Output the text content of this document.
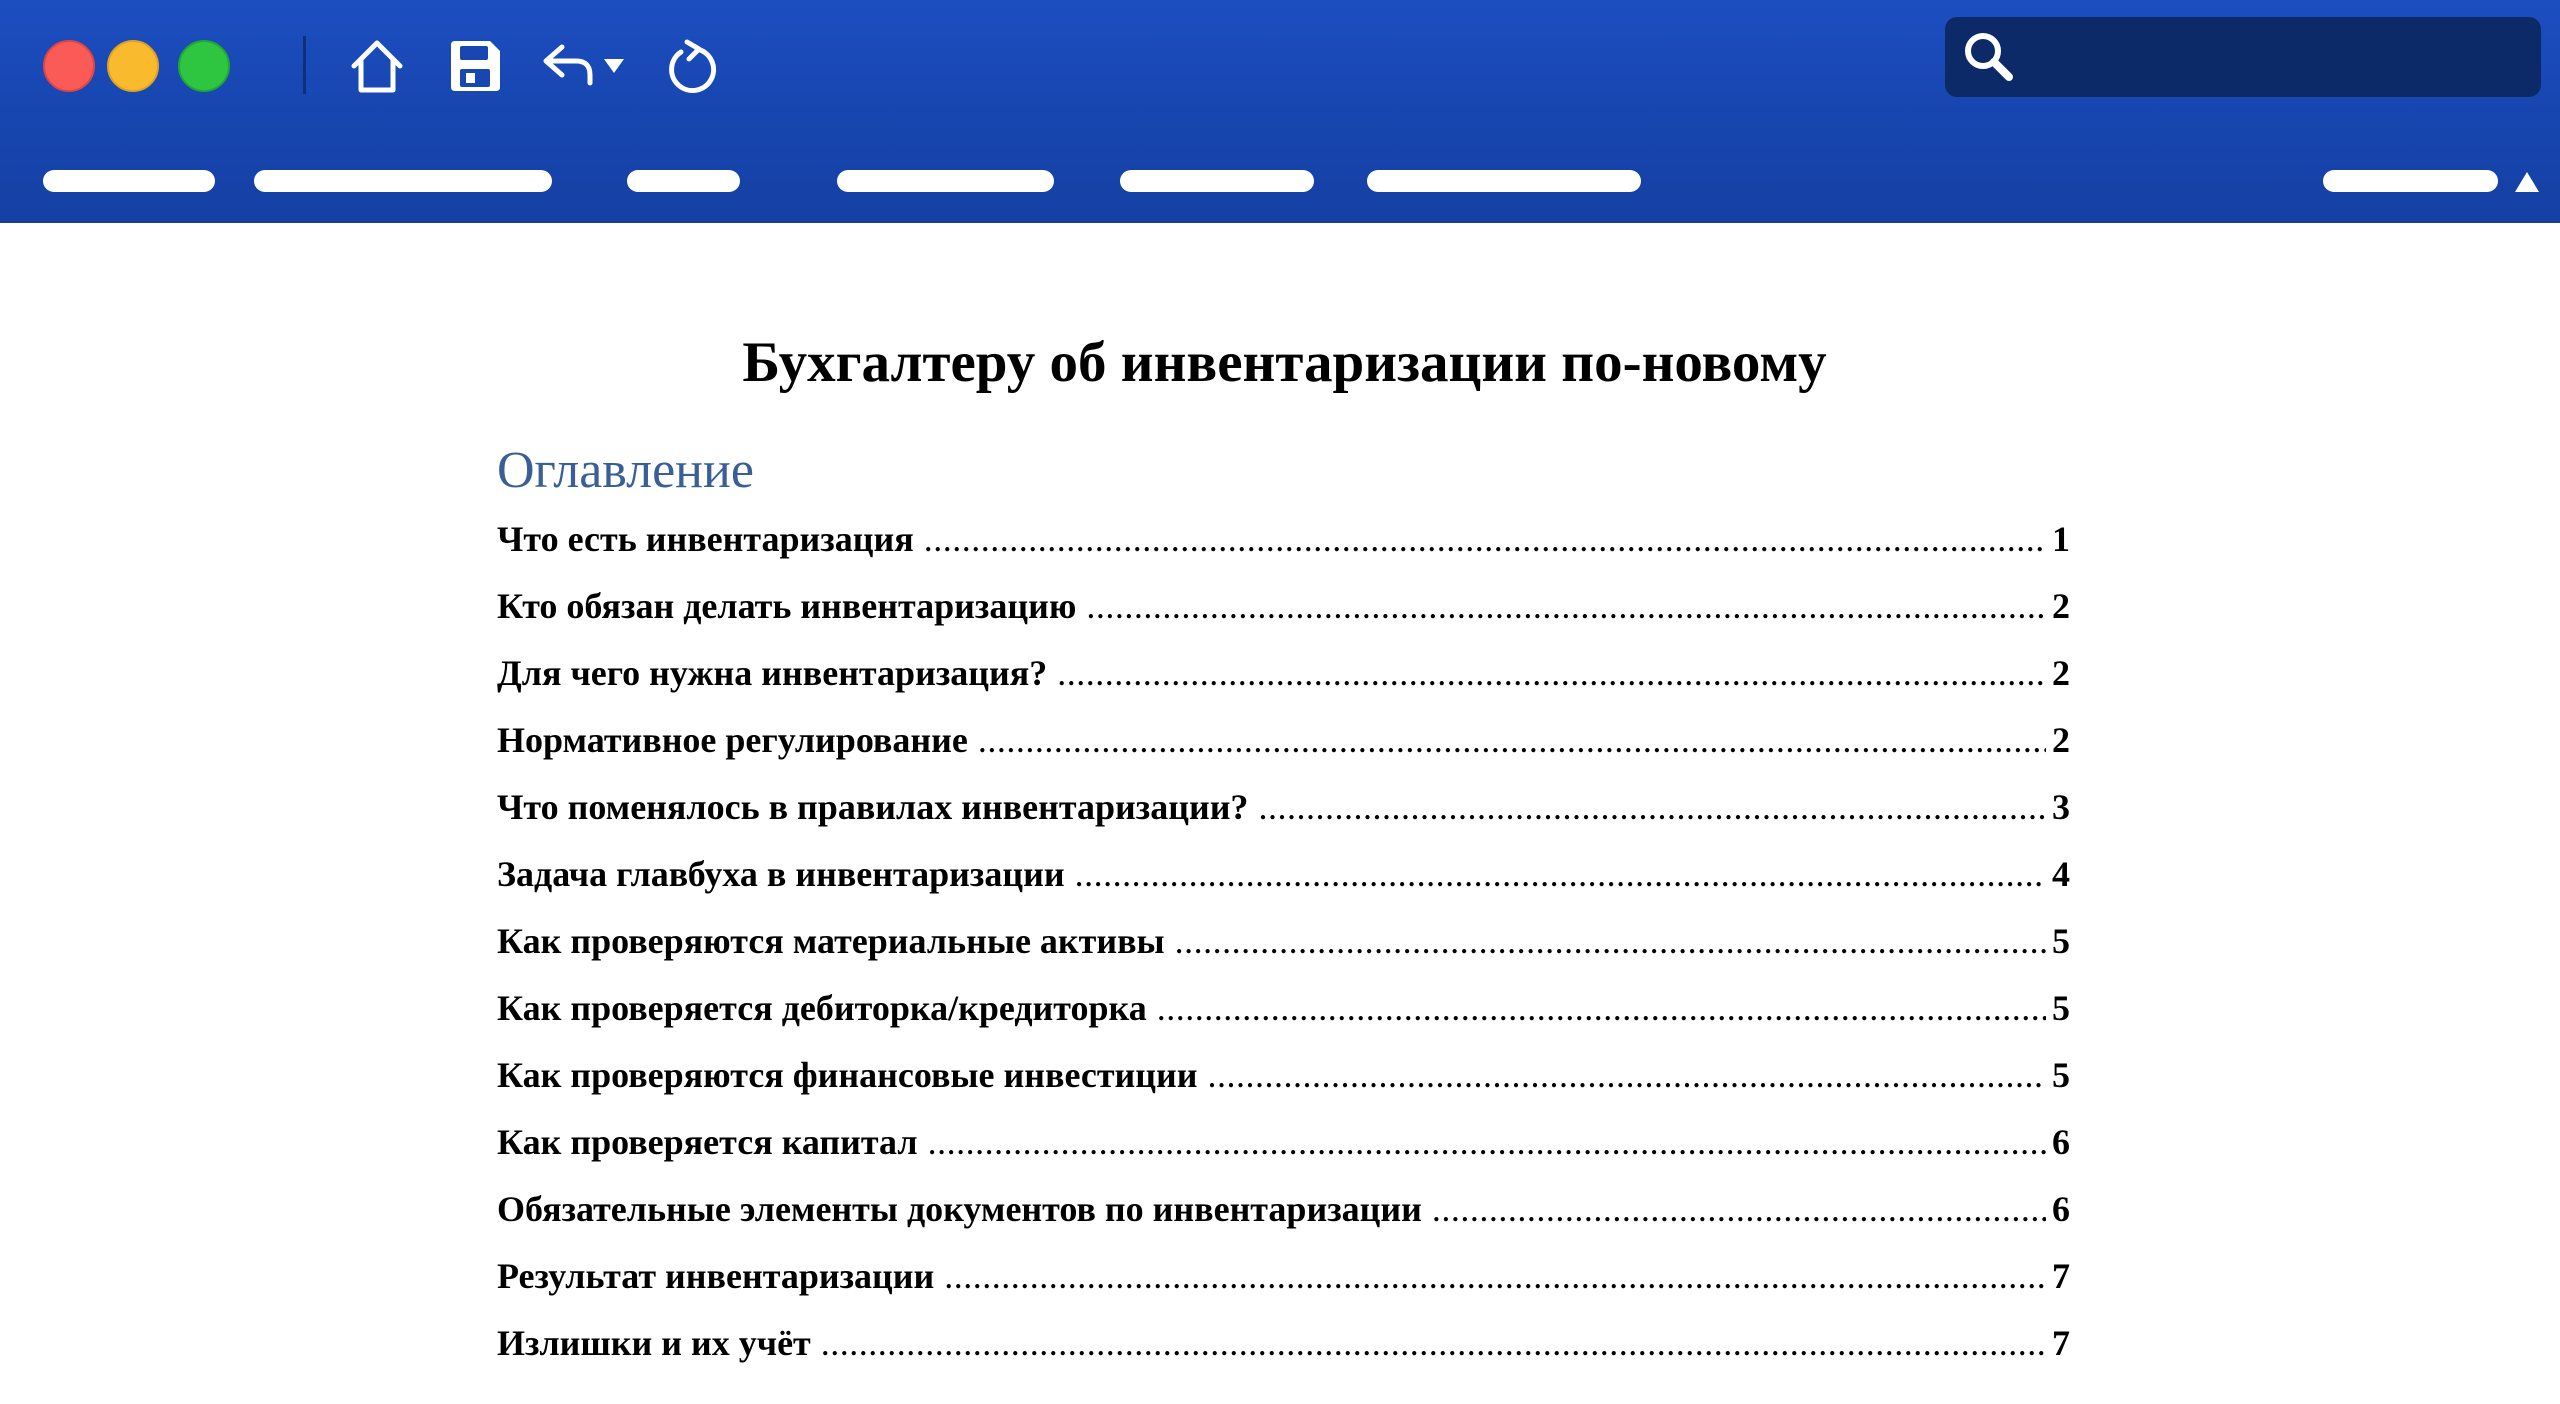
Бухгалтеру об инвентаризации по-новому
Оглавление
Что есть инвентаризация .....	1
Кто обязан делать инвентаризацию .....	2
Для чего нужна инвентаризация? .....	2
Нормативное регулирование .....	2
Что поменялось в правилах инвентаризации? .....	3
Задача главбуха в инвентаризации .....	4
Как проверяются материальные активы .....	5
Как проверяется дебиторка/кредиторка .....	5
Как проверяются финансовые инвестиции .....	5
Как проверяется капитал .....	6
Обязательные элементы документов по инвентаризации .....	6
Результат инвентаризации .....	7
Излишки и их учёт .....	7
